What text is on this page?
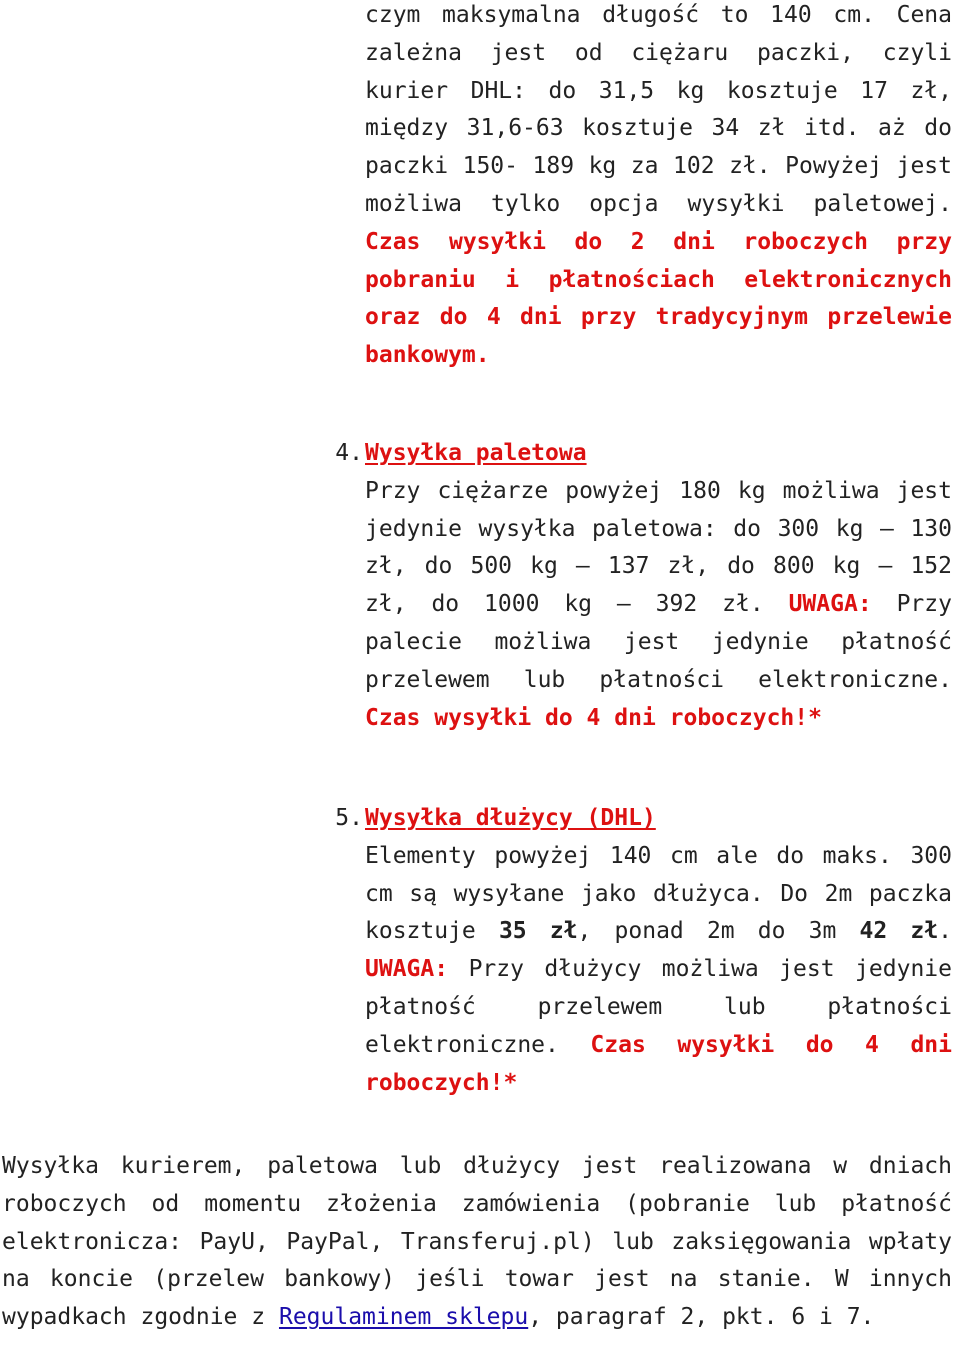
czym maksymalna długość to 140 cm. Cena zależna jest od ciężaru paczki, czyli kurier DHL: do 31,5 kg kosztuje 17 zł, między 31,6-63 kosztuje 34 zł itd. aż do paczki 150- 189 kg za 102 zł. Powyżej jest możliwa tylko opcja wysyłki paletowej. Czas wysyłki do 2 dni roboczych przy pobraniu i płatnościach elektronicznych oraz do 4 dni przy tradycyjnym przelewie bankowym.
4. Wysyłka paletowa
Przy ciężarze powyżej 180 kg możliwa jest jedynie wysyłka paletowa: do 300 kg – 130 zł, do 500 kg – 137 zł, do 800 kg – 152 zł, do 1000 kg – 392 zł. UWAGA: Przy palecie możliwa jest jedynie płatność przelewem lub płatności elektroniczne. Czas wysyłki do 4 dni roboczych!*
5. Wysyłka dłużycy (DHL)
Elementy powyżej 140 cm ale do maks. 300 cm są wysyłane jako dłużyca. Do 2m paczka kosztuje 35 zł, ponad 2m do 3m 42 zł. UWAGA: Przy dłużycy możliwa jest jedynie płatność przelewem lub płatności elektroniczne. Czas wysyłki do 4 dni roboczych!*
Wysyłka kurierem, paletowa lub dłużycy jest realizowana w dniach roboczych od momentu złożenia zamówienia (pobranie lub płatność elektronicza: PayU, PayPal, Transferuj.pl) lub zaksięgowania wpłaty na koncie (przelew bankowy) jeśli towar jest na stanie. W innych wypadkach zgodnie z Regulaminem sklepu, paragraf 2, pkt. 6 i 7.
